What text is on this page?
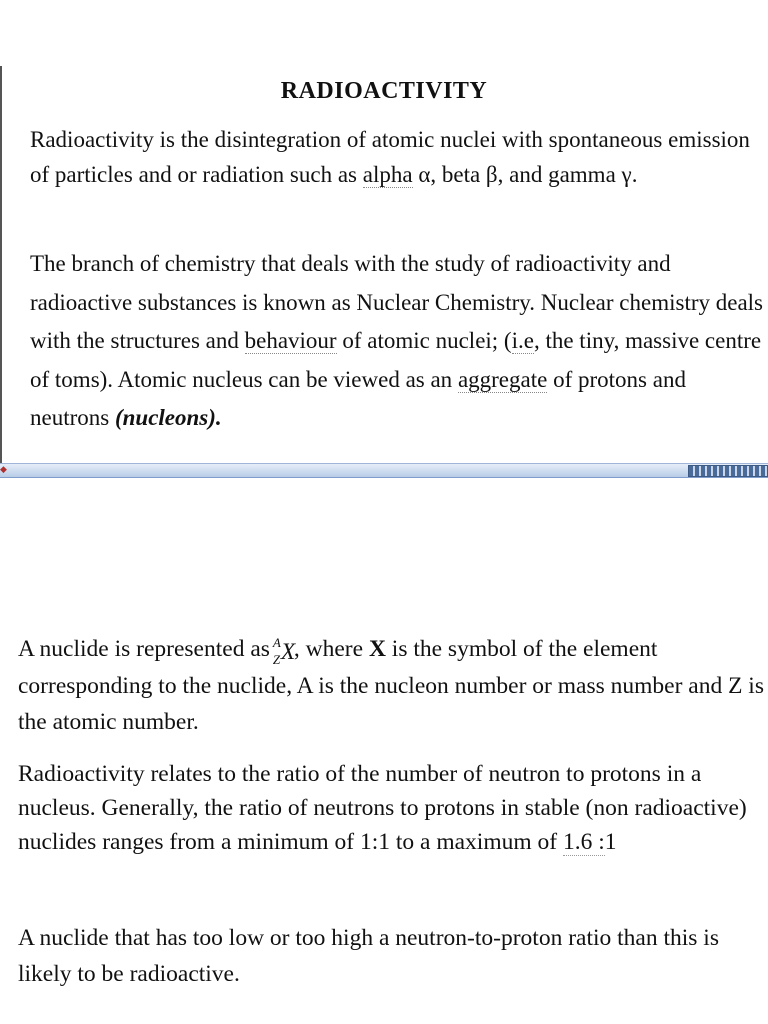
RADIOACTIVITY
Radioactivity is the disintegration of atomic nuclei with spontaneous emission of particles and or radiation such as alpha α, beta β, and gamma γ.
The branch of chemistry that deals with the study of radioactivity and radioactive substances is known as Nuclear Chemistry. Nuclear chemistry deals with the structures and behaviour of atomic nuclei; (i.e, the tiny, massive centre of toms). Atomic nucleus can be viewed as an aggregate of protons and neutrons (nucleons).
◆
A nuclide is represented as A
Z X
, where X is the symbol of the element corresponding to the nuclide, A is the nucleon number or mass number and Z is the atomic number.
Radioactivity relates to the ratio of the number of neutron to protons in a nucleus. Generally, the ratio of neutrons to protons in stable (non radioactive) nuclides ranges from a minimum of 1:1 to a maximum of 1.6 :1
A nuclide that has too low or too high a neutron-to-proton ratio than this is likely to be radioactive.
